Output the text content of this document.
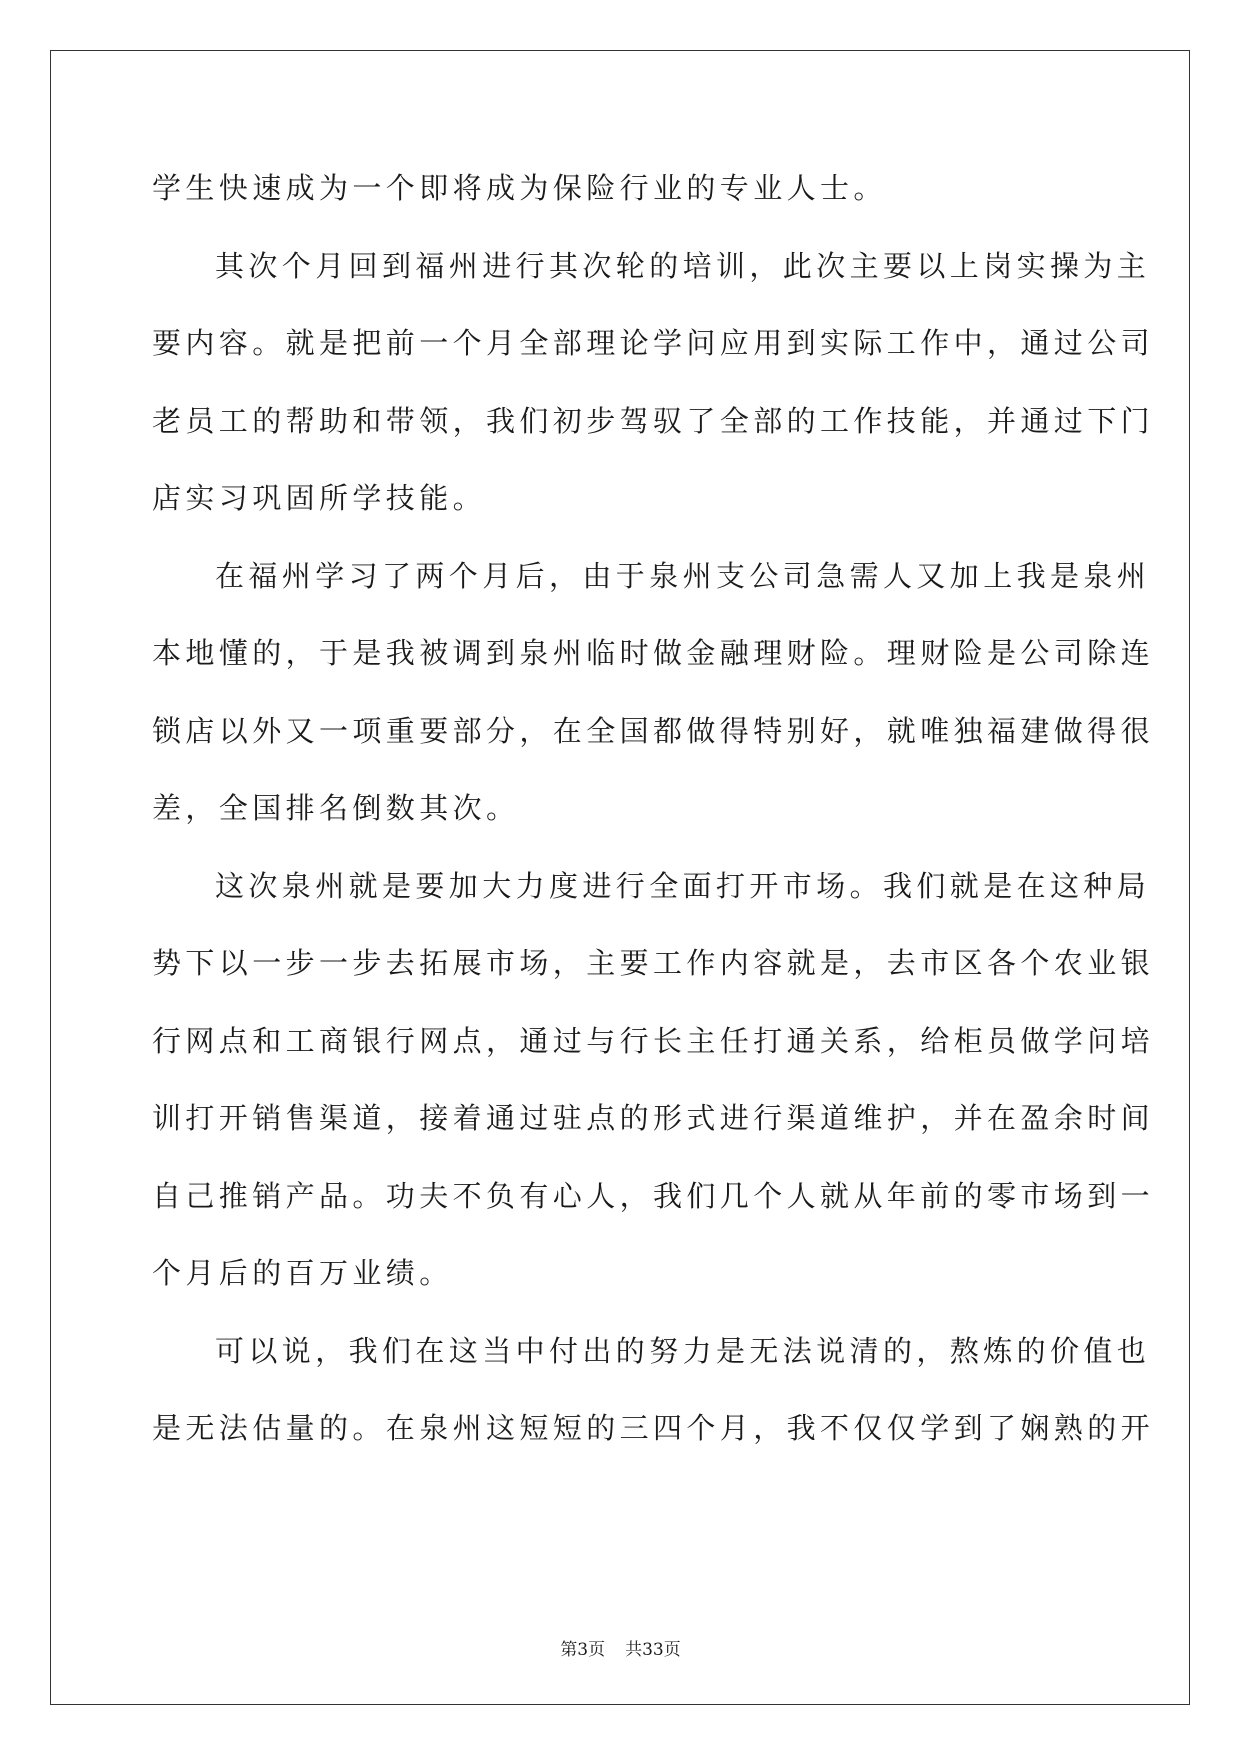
学生快速成为一个即将成为保险行业的专业人士。
其次个月回到福州进行其次轮的培训，此次主要以上岗实操为主
要内容。就是把前一个月全部理论学问应用到实际工作中，通过公司
老员工的帮助和带领，我们初步驾驭了全部的工作技能，并通过下门
店实习巩固所学技能。
在福州学习了两个月后，由于泉州支公司急需人又加上我是泉州
本地懂的，于是我被调到泉州临时做金融理财险。理财险是公司除连
锁店以外又一项重要部分，在全国都做得特别好，就唯独福建做得很
差，全国排名倒数其次。
这次泉州就是要加大力度进行全面打开市场。我们就是在这种局
势下以一步一步去拓展市场，主要工作内容就是，去市区各个农业银
行网点和工商银行网点，通过与行长主任打通关系，给柜员做学问培
训打开销售渠道，接着通过驻点的形式进行渠道维护，并在盈余时间
自己推销产品。功夫不负有心人，我们几个人就从年前的零市场到一
个月后的百万业绩。
可以说，我们在这当中付出的努力是无法说清的，熬炼的价值也
是无法估量的。在泉州这短短的三四个月，我不仅仅学到了娴熟的开
第3页 共33页
